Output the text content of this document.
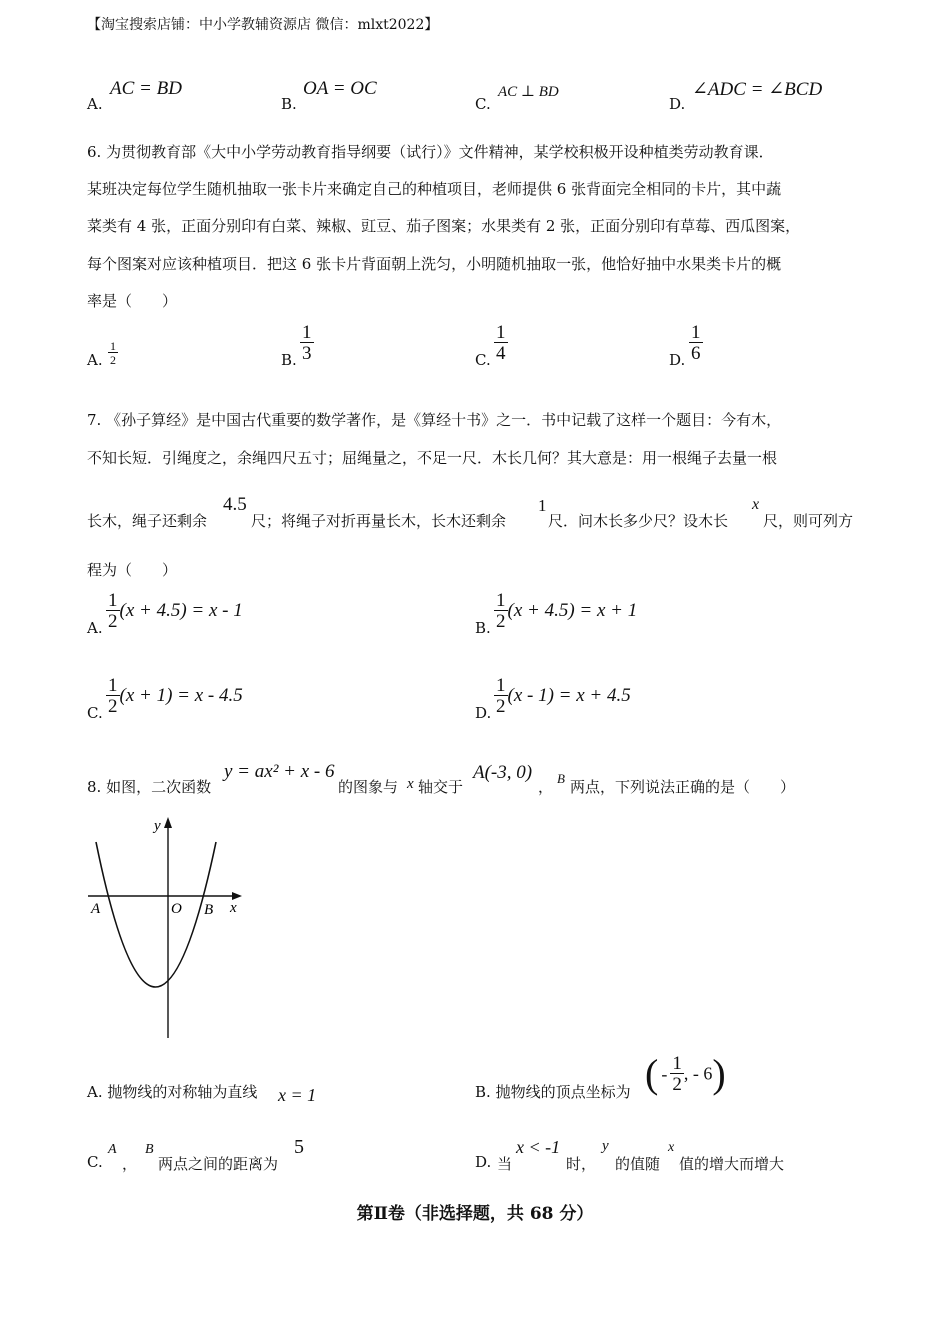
【淘宝搜索店铺：中小学教辅资源店 微信：mlxt2022】
A.
AC = BD
B.
OA = OC
C.
AC ⊥ BD
D.
∠ADC = ∠BCD
6. 为贯彻教育部《大中小学劳动教育指导纲要（试行）》文件精神，某学校积极开设种植类劳动教育课．
某班决定每位学生随机抽取一张卡片来确定自己的种植项目，老师提供 6 张背面完全相同的卡片，其中蔬
菜类有 4 张，正面分别印有白菜、辣椒、豇豆、茄子图案；水果类有 2 张，正面分别印有草莓、西瓜图案，
每个图案对应该种植项目．把这 6 张卡片背面朝上洗匀，小明随机抽取一张，他恰好抽中水果类卡片的概
率是（　　）
A. $\frac{1}{2}$	B. $\frac{1}{3}$	C. $\frac{1}{4}$	D. $\frac{1}{6}$
7. 《孙子算经》是中国古代重要的数学著作，是《算经十书》之一．书中记载了这样一个题目：今有木，
不知长短．引绳度之，余绳四尺五寸；屈绳量之，不足一尺．木长几何？其大意是：用一根绳子去量一根
长木，绳子还剩余
4.5
尺；将绳子对折再量长木，长木还剩余
1
尺．问木长多少尺？设木长
x
尺，则可列方
程为（　　）
A. $\frac{1}{2} (x + 4.5) = x - 1$
B. $\frac{1}{2} (x + 4.5) = x + 1$
C. $\frac{1}{2} (x + 1) = x - 4.5$
D. $\frac{1}{2} (x - 1) = x + 4.5$
8. 如图，二次函数
y = ax² + x - 6
的图象与 x 轴交于
A(-3, 0)
， B 两点，下列说法正确的是（　　）
y
x
A	O B
A. 抛物线的对称轴为直线 x = 1	B. 抛物线的顶点坐标为 ( - $\frac{1}{2}$ , - 6)
C.
A
，
B
两点之间的距离为
5
D. 当
x < -1
时，
y
的值随
x
值的增大而增大
第Ⅱ卷（非选择题，共 68 分）
